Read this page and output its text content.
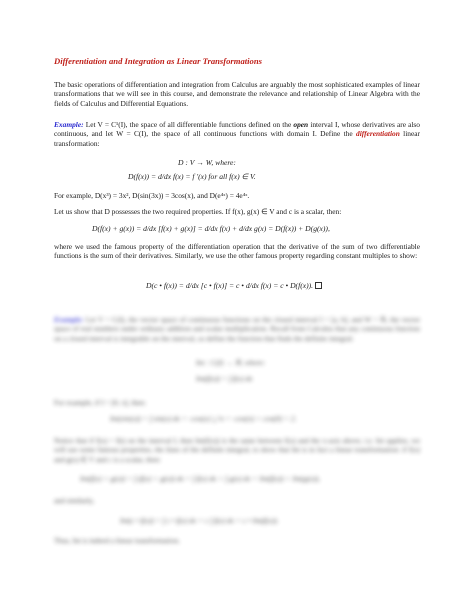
Differentiation and Integration as Linear Transformations
The basic operations of differentiation and integration from Calculus are arguably the most sophisticated examples of linear transformations that we will see in this course, and demonstrate the relevance and relationship of Linear Algebra with the fields of Calculus and Differential Equations.
Example: Let V = C¹(I), the space of all differentiable functions defined on the open interval I, whose derivatives are also continuous, and let W = C(I), the space of all continuous functions with domain I. Define the differentiation linear transformation:
D : V → W, where:
D(f(x)) = d/dx f(x) = f ′(x) for all f(x) ∈ V.
For example, D(x³) = 3x², D(sin(3x)) = 3cos(x), and D(e⁴ˣ) = 4e⁴ˣ.
Let us show that D possesses the two required properties. If f(x), g(x) ∈ V and c is a scalar, then:
D(f(x) + g(x)) = d/dx [f(x) + g(x)] = d/dx f(x) + d/dx g(x) = D(f(x)) + D(g(x)),
where we used the famous property of the differentiation operation that the derivative of the sum of two differentiable functions is the sum of their derivatives. Similarly, we use the other famous property regarding constant multiples to show:
D(c • f(x)) = d/dx [c • f(x)] = c • d/dx f(x) = c • D(f(x)).
Example: Let V = C(I), the vector space of continuous functions on the closed interval I = [a, b], and W = ℝ, the vector space of real numbers under ordinary addition and scalar multiplication. Recall from Calculus that any continuous function on a closed interval is integrable on the interval, so define the function that finds the definite integral:
Int : C(I) → ℝ, where:
Int(f(x)) = ∫ f(x) dx
For example, if I = [0, π], then:
Int(sin(x)) = ∫ sin(x) dx = -cos(x) |₀^π = -cos(π) + cos(0) = 2.
Notice that if f(x) = f(t) on the interval I, then Int(f(x)) is the same between f(x) and the x-axis above, i.e. Int applies, we will use some famous properties, the lines of the definite integral, to show that Int is in fact a linear transformation: if f(x) and g(x) ∈ V and c is a scalar, then:
Int(f(x) + g(x)) = ∫ (f(x) + g(x)) dx = ∫ f(x) dx + ∫ g(x) dx = Int(f(x)) + Int(g(x)),
and similarly,
Int(c • f(x)) = ∫ c • f(x) dx = c ∫ f(x) dx = c • Int(f(x)).
Thus, Int is indeed a linear transformation.
